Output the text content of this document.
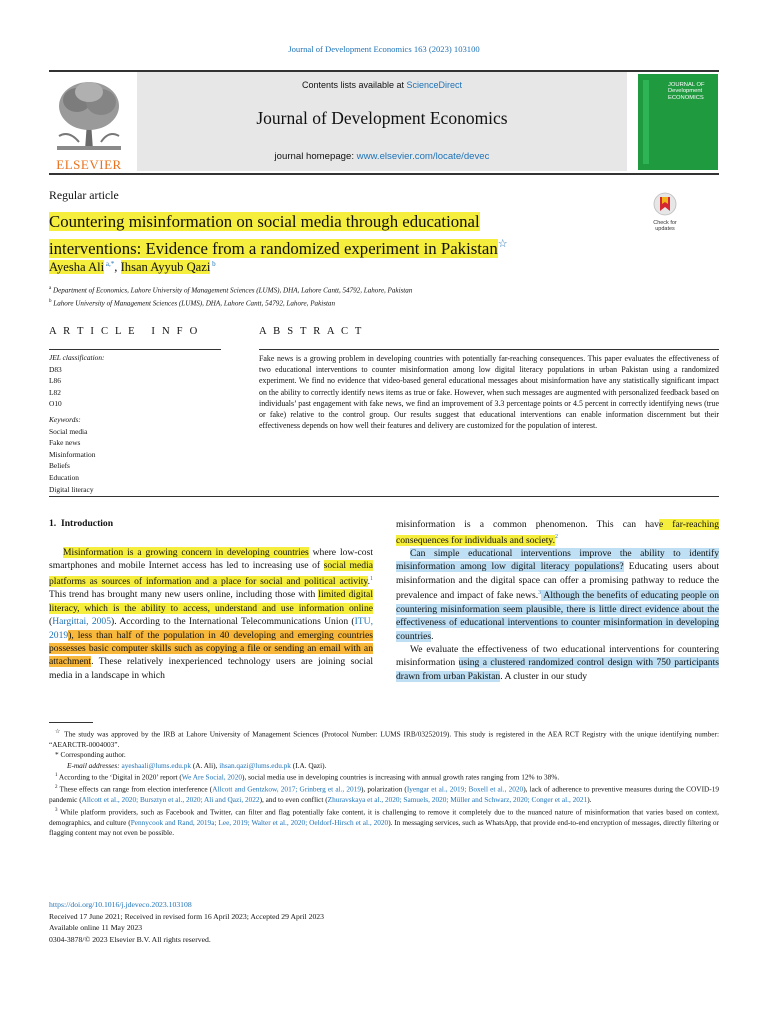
Journal of Development Economics 163 (2023) 103100
ELSEVIER
Contents lists available at ScienceDirect
Journal of Development Economics
journal homepage: www.elsevier.com/locate/devec
JOURNAL OF
Development
ECONOMICS
Regular article
Check for
updates
Countering misinformation on social media through educational
interventions: Evidence from a randomized experiment in Pakistan☆
Ayesha Ali $^{a,*}$, Ihsan Ayyub Qazi $^b$
$^a$ Department of Economics, Lahore University of Management Sciences (LUMS), DHA, Lahore Cantt, 54792, Lahore, Pakistan
$^b$ Lahore University of Management Sciences (LUMS), DHA, Lahore Cantt, 54792, Lahore, Pakistan
A R T I C L E   I N F O
JEL classification:
D83
L86
L82
O10
Keywords:
Social media
Fake news
Misinformation
Beliefs
Education
Digital literacy
A B S T R A C T
Fake news is a growing problem in developing countries with potentially far-reaching consequences. This paper evaluates the effectiveness of two educational interventions to counter misinformation among low digital literacy populations in urban Pakistan using a randomized experiment. We find no evidence that video-based general educational messages about misinformation have any statistically significant impact on the ability to correctly identify news items as true or fake. However, when such messages are augmented with personalized feedback based on individuals’ past engagement with fake news, we find an improvement of 3.3 percentage points or 4.5 percent in correctly identifying news (true or fake) relative to the control group. Our results suggest that educational interventions can enable information discernment but their effectiveness depends on how well their features and delivery are customized for the population of interest.
1.  Introduction
Misinformation is a growing concern in developing countries where low-cost smartphones and mobile Internet access has led to increasing use of social media platforms as sources of information and a place for social and political activity.$^1$ This trend has brought many new users online, including those with limited digital literacy, which is the ability to access, understand and use information online (Hargittai, 2005). According to the International Telecommunications Union (ITU, 2019), less than half of the population in 40 developing and emerging countries possesses basic computer skills such as copying a file or sending an email with an attachment. These relatively inexperienced technology users are joining social media in a landscape in which

misinformation is a common phenomenon. This can have far-reaching consequences for individuals and society.$^2$

Can simple educational interventions improve the ability to identify misinformation among low digital literacy populations? Educating users about misinformation and the digital space can offer a promising pathway to reduce the prevalence and impact of fake news.$^3$ Although the benefits of educating people on countering misinformation seem plausible, there is little direct evidence about the effectiveness of educational interventions to counter misinformation in developing countries.

We evaluate the effectiveness of two educational interventions for countering misinformation using a clustered randomized control design with 750 participants drawn from urban Pakistan. A cluster in our study

☆ The study was approved by the IRB at Lahore University of Management Sciences (Protocol Number: LUMS IRB/03252019). This study is registered in the AEA RCT Registry with the unique identifying number: “AEARCTR-0004003”.

* Corresponding author.

E-mail addresses: ayeshaali@lums.edu.pk (A. Ali), ihsan.qazi@lums.edu.pk (I.A. Qazi).

$^1$ According to the ‘Digital in 2020’ report (We Are Social, 2020), social media use in developing countries is increasing with annual growth rates ranging from 12% to 38%.

$^2$ These effects can range from election interference (Allcott and Gentzkow, 2017; Grinberg et al., 2019), polarization (Iyengar et al., 2019; Boxell et al., 2020), lack of adherence to preventive measures during the COVID-19 pandemic (Allcott et al., 2020; Bursztyn et al., 2020; Ali and Qazi, 2022), and to even conflict (Zhuravskaya et al., 2020; Samuels, 2020; Müller and Schwarz, 2020; Conger et al., 2021).

$^3$ While platform providers, such as Facebook and Twitter, can filter and flag potentially fake content, it is challenging to remove it completely due to the nuanced nature of misinformation that varies based on context, demographics, and culture (Pennycook and Rand, 2019a; Lee, 2019; Walter et al., 2020; Oeldorf-Hirsch et al., 2020). In messaging services, such as WhatsApp, that provide end-to-end encryption of messages, directly filtering or flagging content may not even be possible.

https://doi.org/10.1016/j.jdeveco.2023.103108
Received 17 June 2021; Received in revised form 16 April 2023; Accepted 29 April 2023
Available online 11 May 2023
0304-3878/© 2023 Elsevier B.V. All rights reserved.
